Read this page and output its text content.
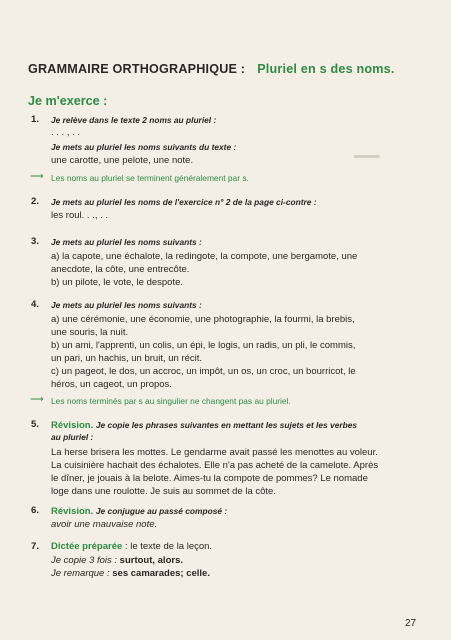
GRAMMAIRE ORTHOGRAPHIQUE : Pluriel en s des noms.
Je m'exerce :
1. Je relève dans le texte 2 noms au pluriel :
. . . , . .
Je mets au pluriel les noms suivants du texte :
une carotte, une pelote, une note.
⟶ Les noms au pluriel se terminent généralement par s.
2. Je mets au pluriel les noms de l'exercice n° 2 de la page ci-contre :
les roul. . ., . .
3. Je mets au pluriel les noms suivants :
a) la capote, une échalote, la redingote, la compote, une bergamote, une
anecdote, la côte, une entrecôte.
b) un pilote, le vote, le despote.
4. Je mets au pluriel les noms suivants :
a) une cérémonie, une économie, une photographie, la fourmi, la brebis,
une souris, la nuit.
b) un ami, l'apprenti, un colis, un épi, le logis, un radis, un pli, le commis,
un pari, un hachis, un bruit, un récit.
c) un pageot, le dos, un accroc, un impôt, un os, un croc, un bourricot, le
héros, un cageot, un propos.
⟶ Les noms terminés par s au singulier ne changent pas au pluriel.
5. Révision. Je copie les phrases suivantes en mettant les sujets et les verbes
au pluriel :
La herse brisera les mottes. Le gendarme avait passé les menottes au voleur.
La cuisinière hachait des échalotes. Elle n'a pas acheté de la camelote. Après
le dîner, je jouais à la belote. Aimes-tu la compote de pommes? Le nomade
loge dans une roulotte. Je suis au sommet de la côte.
6. Révision. Je conjugue au passé composé :
avoir une mauvaise note.
7. Dictée préparée : le texte de la leçon.
Je copie 3 fois : surtout, alors.
Je remarque : ses camarades; celle.
27
